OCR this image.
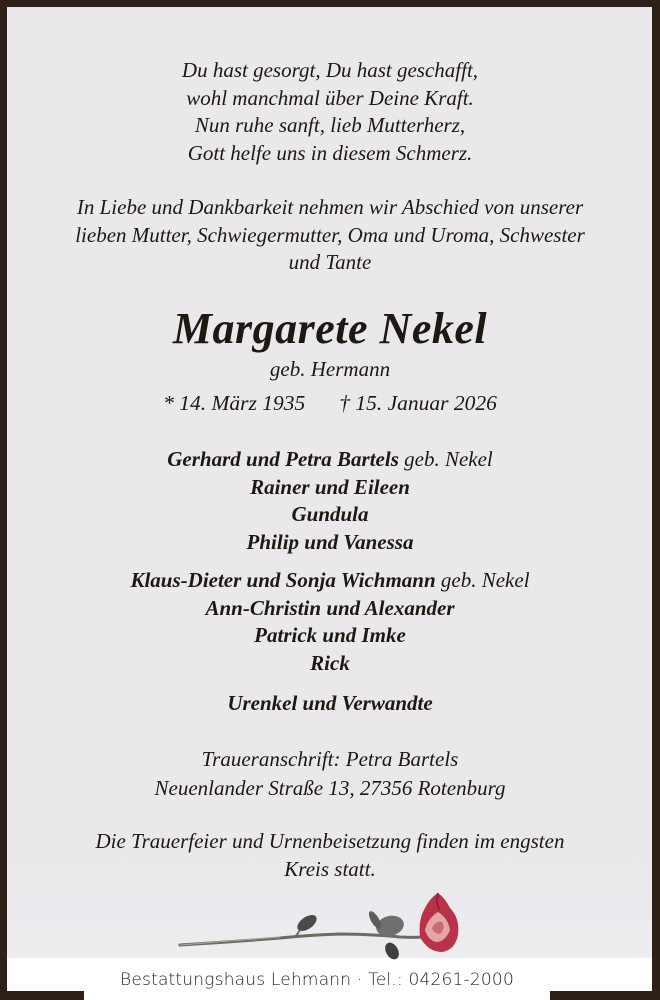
Du hast gesorgt, Du hast geschafft,
wohl manchmal über Deine Kraft.
Nun ruhe sanft, lieb Mutterherz,
Gott helfe uns in diesem Schmerz.
In Liebe und Dankbarkeit nehmen wir Abschied von unserer
lieben Mutter, Schwiegermutter, Oma und Uroma, Schwester
und Tante
Margarete Nekel
geb. Hermann
* 14. März 1935 † 15. Januar 2026
Gerhard und Petra Bartels geb. Nekel
Rainer und Eileen
Gundula
Philip und Vanessa
Klaus-Dieter und Sonja Wichmann geb. Nekel
Ann-Christin und Alexander
Patrick und Imke
Rick
Urenkel und Verwandte
Traueranschrift: Petra Bartels
Neuenlander Straße 13, 27356 Rotenburg
Die Trauerfeier und Urnenbeisetzung finden im engsten
Kreis statt.
Bestattungshaus Lehmann · Tel.: 04261-2000
